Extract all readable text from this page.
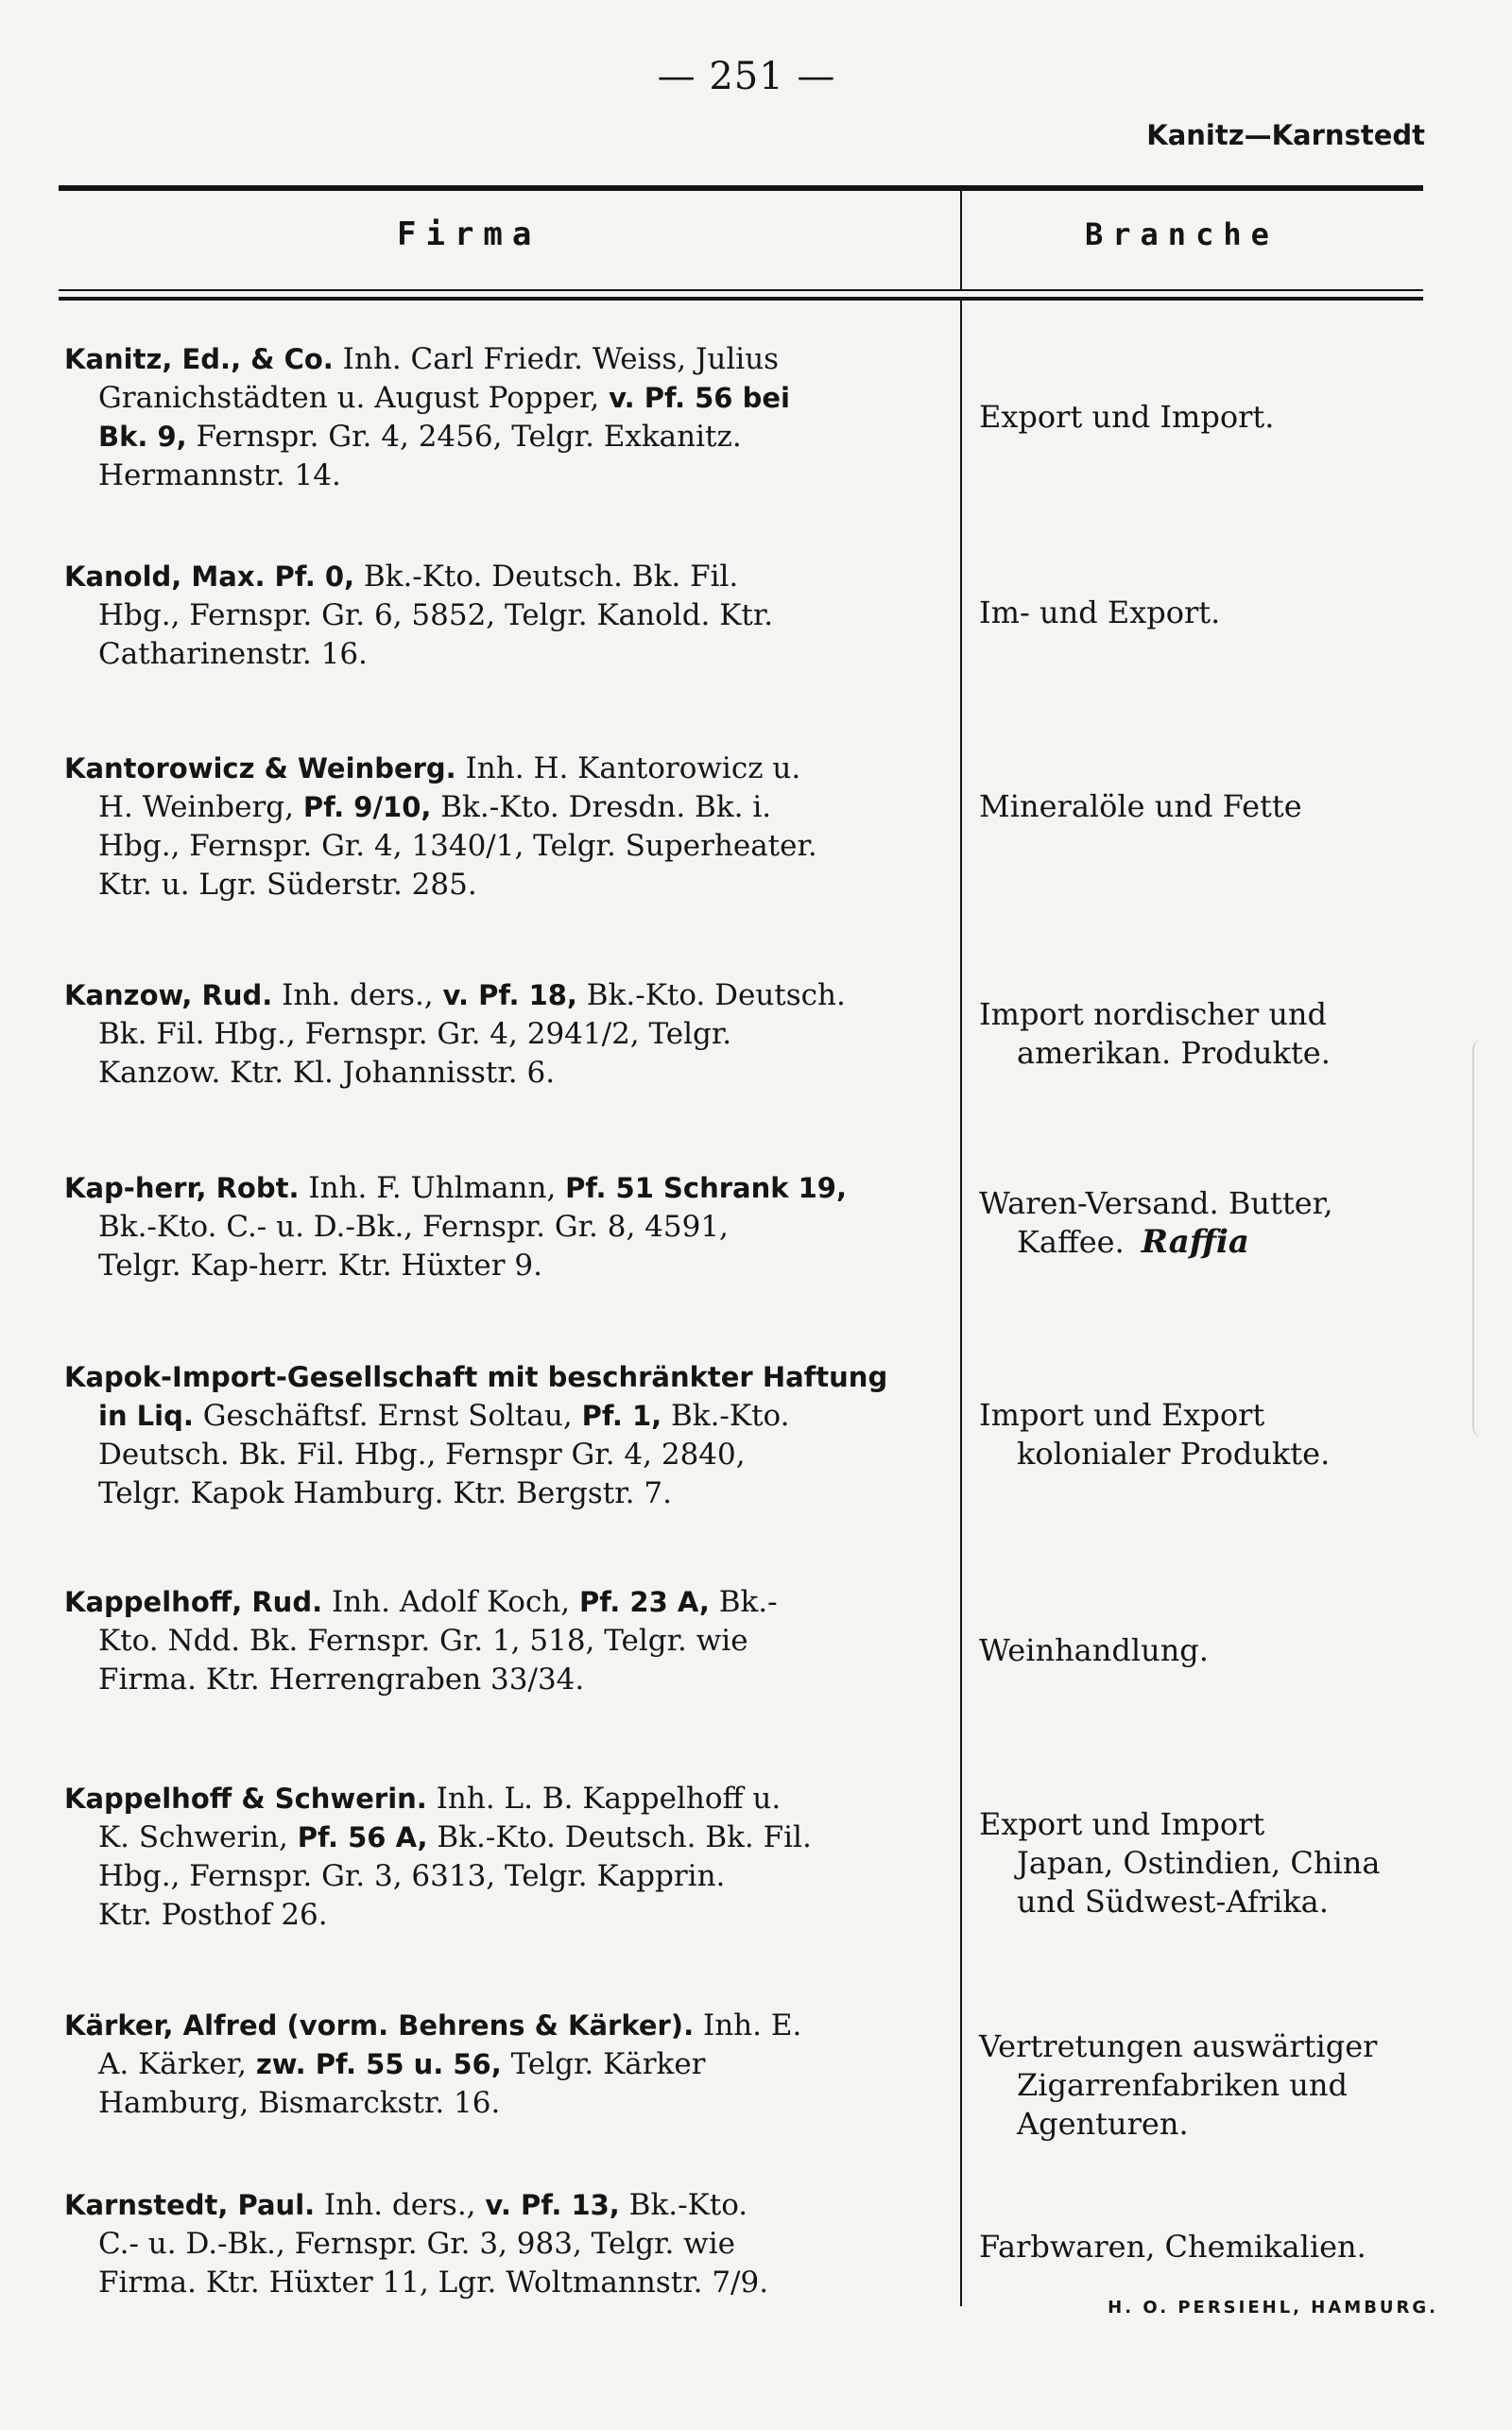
— 251 —
Kanitz—Karnstedt
Firma	Branche
Kanitz, Ed., & Co. Inh. Carl Friedr. Weiss, Julius
Granichstädten u. August Popper, v. Pf. 56 bei
Bk. 9, Fernspr. Gr. 4, 2456, Telgr. Exkanitz.
Hermannstr. 14.
Export und Import.
Kanold, Max. Pf. 0, Bk.-Kto. Deutsch. Bk. Fil.
Hbg., Fernspr. Gr. 6, 5852, Telgr. Kanold. Ktr.
Catharinenstr. 16.
Im- und Export.
Kantorowicz & Weinberg. Inh. H. Kantorowicz u.
H. Weinberg, Pf. 9/10, Bk.-Kto. Dresdn. Bk. i.
Hbg., Fernspr. Gr. 4, 1340/1, Telgr. Superheater.
Ktr. u. Lgr. Süderstr. 285.
Mineralöle und Fette
Kanzow, Rud. Inh. ders., v. Pf. 18, Bk.-Kto. Deutsch.
Bk. Fil. Hbg., Fernspr. Gr. 4, 2941/2, Telgr.
Kanzow. Ktr. Kl. Johannisstr. 6.
Import nordischer und
amerikan. Produkte.
Kap-herr, Robt. Inh. F. Uhlmann, Pf. 51 Schrank 19,
Bk.-Kto. C.- u. D.-Bk., Fernspr. Gr. 8, 4591,
Telgr. Kap-herr. Ktr. Hüxter 9.
Waren-Versand. Butter,
Kaffee. Raffia
Kapok-Import-Gesellschaft mit beschränkter Haftung
in Liq. Geschäftsf. Ernst Soltau, Pf. 1, Bk.-Kto.
Deutsch. Bk. Fil. Hbg., Fernspr Gr. 4, 2840,
Telgr. Kapok Hamburg. Ktr. Bergstr. 7.
Import und Export
kolonialer Produkte.
Kappelhoff, Rud. Inh. Adolf Koch, Pf. 23 A, Bk.-
Kto. Ndd. Bk. Fernspr. Gr. 1, 518, Telgr. wie
Firma. Ktr. Herrengraben 33/34.
Weinhandlung.
Kappelhoff & Schwerin. Inh. L. B. Kappelhoff u.
K. Schwerin, Pf. 56 A, Bk.-Kto. Deutsch. Bk. Fil.
Hbg., Fernspr. Gr. 3, 6313, Telgr. Kapprin.
Ktr. Posthof 26.
Export und Import
Japan, Ostindien, China
und Südwest-Afrika.
Kärker, Alfred (vorm. Behrens & Kärker). Inh. E.
A. Kärker, zw. Pf. 55 u. 56, Telgr. Kärker
Hamburg, Bismarckstr. 16.
Vertretungen auswärtiger
Zigarrenfabriken und
Agenturen.
Karnstedt, Paul. Inh. ders., v. Pf. 13, Bk.-Kto.
C.- u. D.-Bk., Fernspr. Gr. 3, 983, Telgr. wie
Firma. Ktr. Hüxter 11, Lgr. Woltmannstr. 7/9.
Farbwaren, Chemikalien.
H. O. PERSIEHL, HAMBURG.
